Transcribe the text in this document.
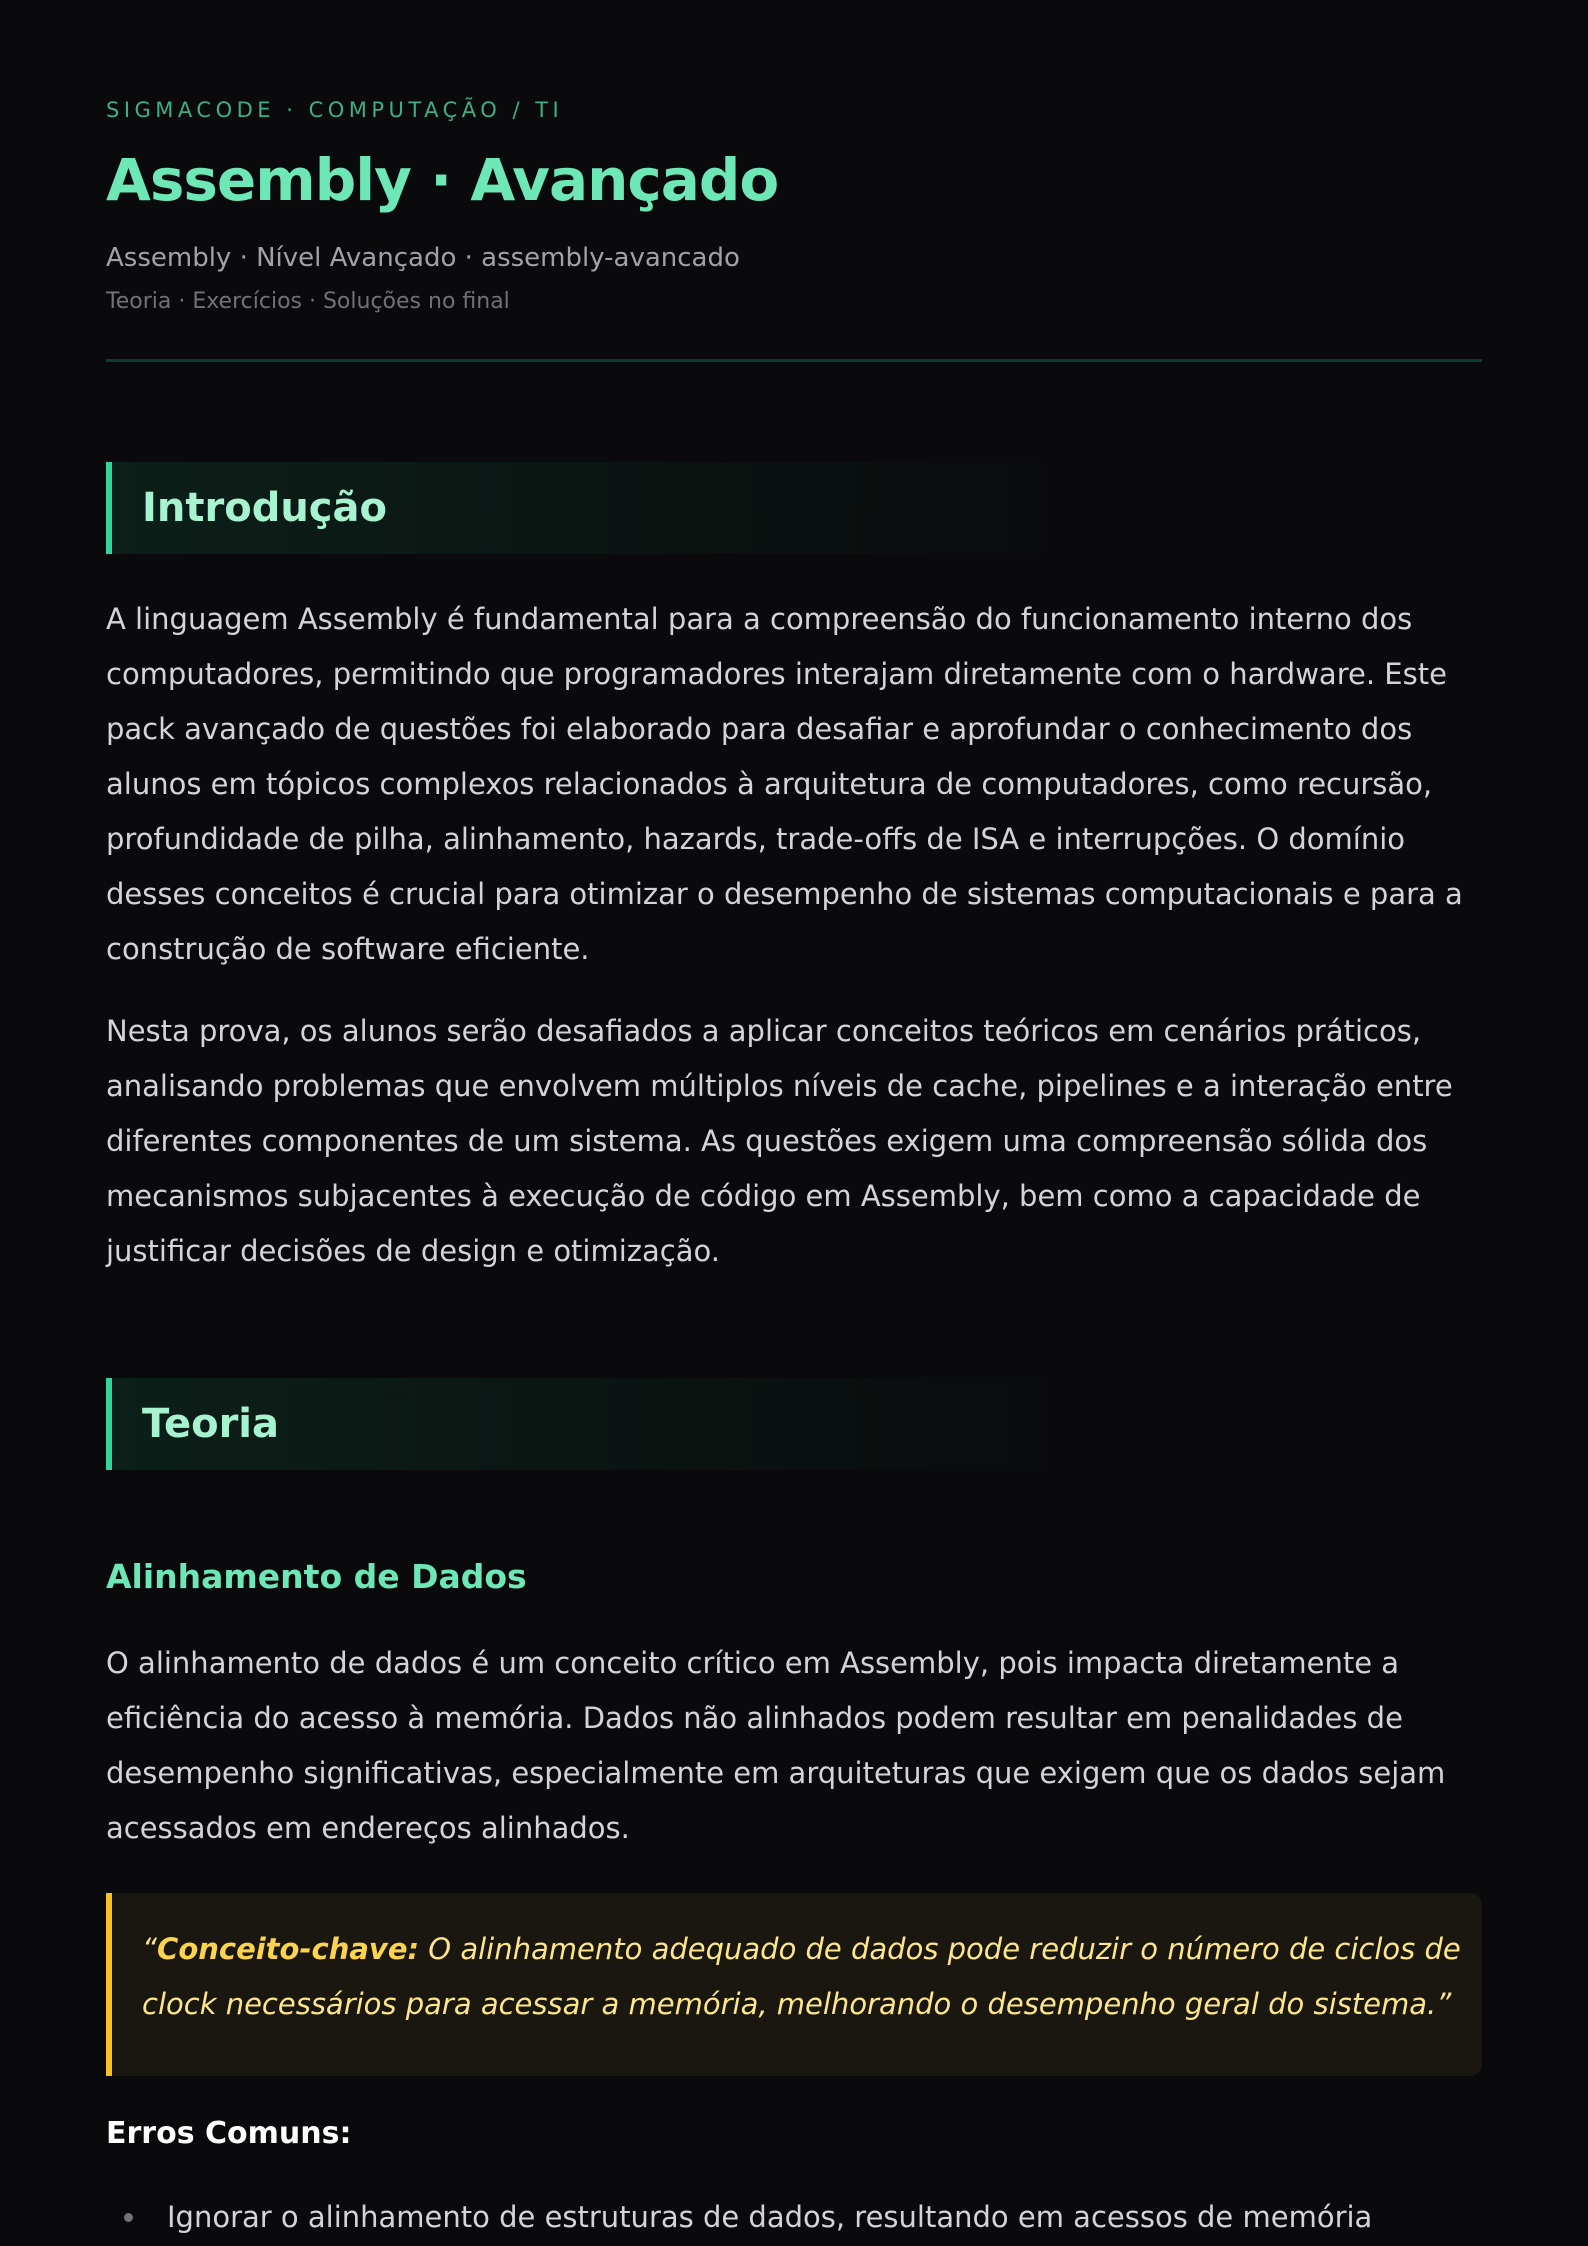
SIGMACODE · COMPUTAÇÃO / TI
Assembly · Avançado
Assembly · Nível Avançado · assembly-avancado
Teoria · Exercícios · Soluções no final
Introdução

A linguagem Assembly é fundamental para a compreensão do funcionamento interno dos computadores, permitindo que programadores interajam diretamente com o hardware. Este pack avançado de questões foi elaborado para desafiar e aprofundar o conhecimento dos alunos em tópicos complexos relacionados à arquitetura de computadores, como recursão, profundidade de pilha, alinhamento, hazards, trade-offs de ISA e interrupções. O domínio desses conceitos é crucial para otimizar o desempenho de sistemas computacionais e para a construção de software eficiente.

Nesta prova, os alunos serão desafiados a aplicar conceitos teóricos em cenários práticos, analisando problemas que envolvem múltiplos níveis de cache, pipelines e a interação entre diferentes componentes de um sistema. As questões exigem uma compreensão sólida dos mecanismos subjacentes à execução de código em Assembly, bem como a capacidade de justificar decisões de design e otimização.

Teoria
Alinhamento de Dados

O alinhamento de dados é um conceito crítico em Assembly, pois impacta diretamente a eficiência do acesso à memória. Dados não alinhados podem resultar em penalidades de desempenho significativas, especialmente em arquiteturas que exigem que os dados sejam acessados em endereços alinhados.

“Conceito-chave: O alinhamento adequado de dados pode reduzir o número de ciclos de clock necessários para acessar a memória, melhorando o desempenho geral do sistema.”

Erros Comuns:
Ignorar o alinhamento de estruturas de dados, resultando em acessos de memória
